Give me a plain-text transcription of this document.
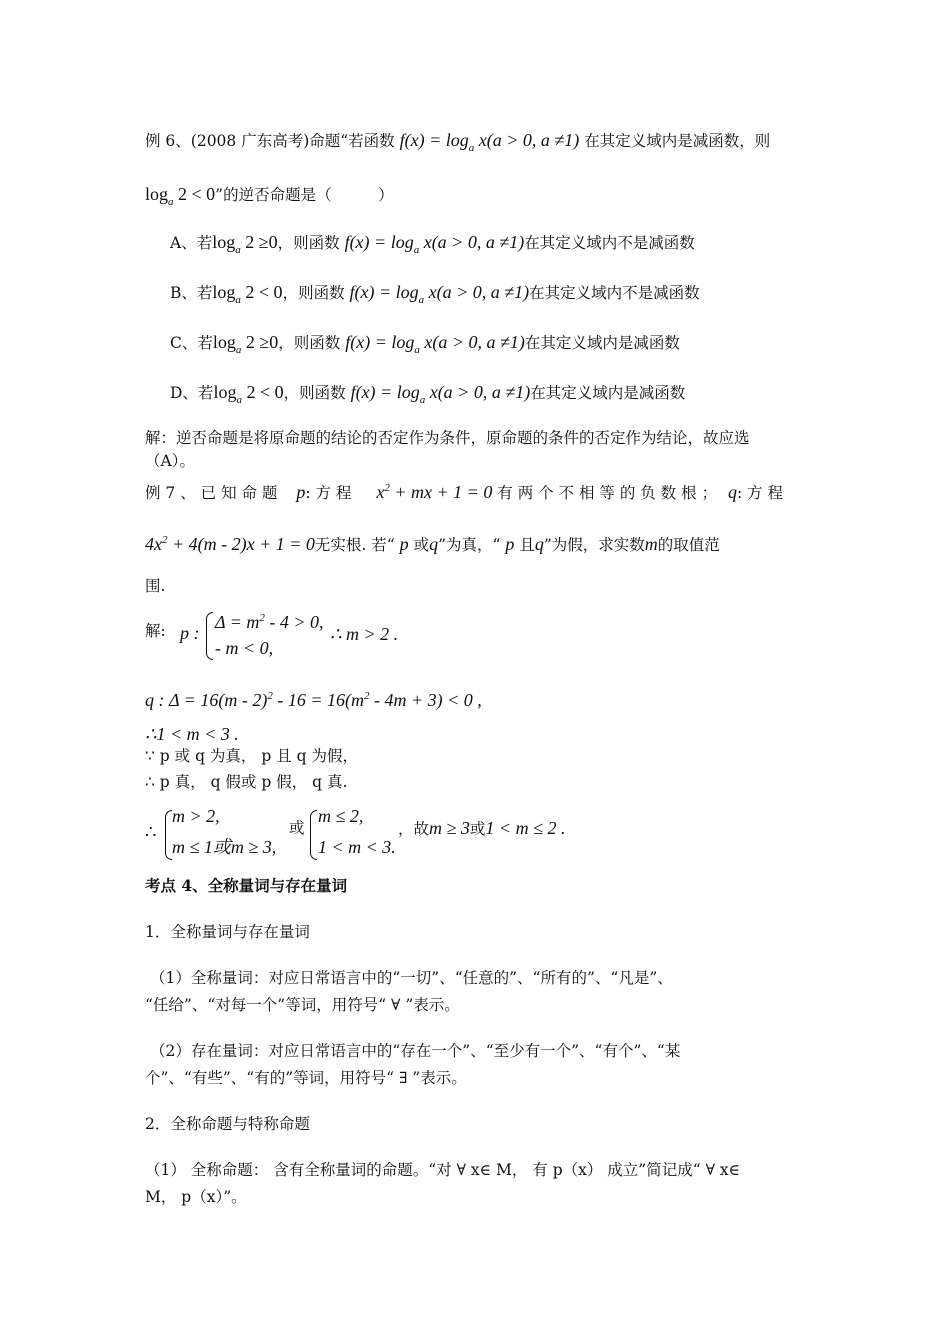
例 6、(2008 广东高考)命题“若函数 $f(x) = \log_a x(a > 0$, a ≠1) 在其定义域内是减函数，则
$\log_a 2 < 0$”的逆否命题是（　　　）
A、若$\log_a 2 \ge 0$，则函数 $f(x) = \log_a x(a > 0$, a ≠1)在其定义域内不是减函数
B、若$\log_a 2 < 0$，则函数 $f(x) = \log_a x(a > 0$, a ≠1)在其定义域内不是减函数
C、若$\log_a 2 \ge 0$，则函数 $f(x) = \log_a x(a > 0$, a ≠1)在其定义域内是减函数
D、若$\log_a 2 < 0$，则函数 $f(x) = \log_a x(a > 0$, a ≠1)在其定义域内是减函数
解：逆否命题是将原命题的结论的否定作为条件，原命题的条件的否定作为结论，故应选
（A）。
例 7 、 已 知 命 题 p: 方 程 $x^2$ + mx + 1 = 0 有 两 个 不 相 等 的 负 数 根 ； q: 方 程
$4x^2 + 4(m - 2)x + 1 = 0$无实根. 若“ p 或q”为真，“ p 且q”为假，求实数m的取值范
围.
解: p :
$\Delta = m^2 - 4 > 0$,
- m < 0,
∴ m > 2 .
q : $\Delta = 16(m - 2)^2 - 16 = 16(m^2 - 4m + 3) < 0$ ,
∴1 < m < 3 .
∵ p 或 q 为真， p 且 q 为假，
∴ p 真， q 假或 p 假， q 真.
∴
m > 2,
m ≤ 1或m ≥ 3,
或
m ≤ 2,
1 < m < 3.
，故m ≥ 3或1 < m ≤ 2 .
考点 4、全称量词与存在量词
1．全称量词与存在量词
（1）全称量词：对应日常语言中的“一切”、“任意的”、“所有的”、“凡是”、
“任给”、“对每一个”等词，用符号“ ∀ ”表示。
（2）存在量词：对应日常语言中的“存在一个”、“至少有一个”、“有个”、“某
个”、“有些”、“有的”等词，用符号“ ∃ ”表示。
2．全称命题与特称命题
（1） 全称命题： 含有全称量词的命题。“对 ∀ x∈ M， 有 p（x） 成立”简记成“ ∀ x∈
M， p（x）”。
